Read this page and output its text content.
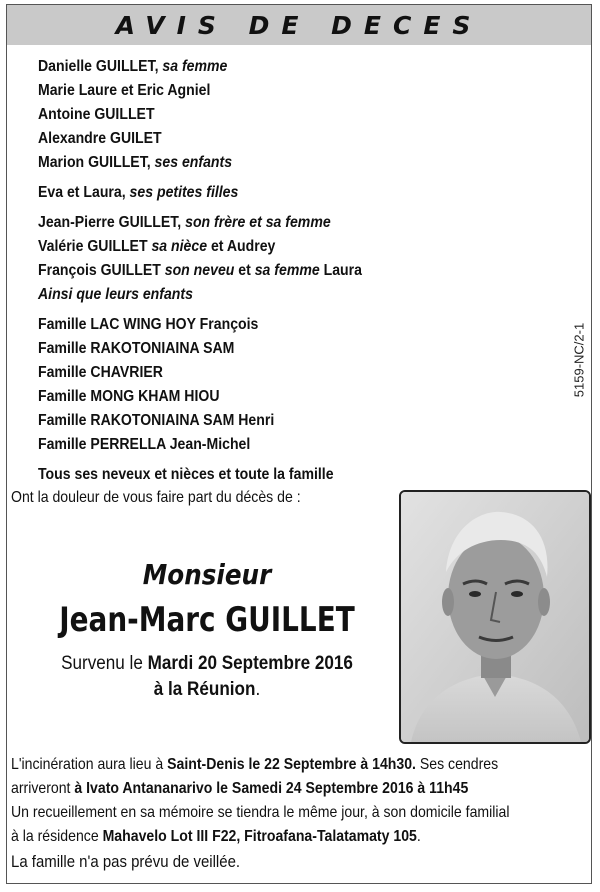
AVIS DE DECES
Danielle GUILLET, sa femme
Marie Laure et Eric Agniel
Antoine GUILLET
Alexandre GUILET
Marion GUILLET, ses enfants
Eva et Laura, ses petites filles
Jean-Pierre GUILLET, son frère et sa femme
Valérie GUILLET sa nièce et Audrey
François GUILLET son neveu et sa femme Laura
Ainsi que leurs enfants
Famille LAC WING HOY François
Famille RAKOTONIAINA SAM
Famille CHAVRIER
Famille MONG KHAM HIOU
Famille RAKOTONIAINA SAM Henri
Famille PERRELLA Jean-Michel
Tous ses neveux et nièces et toute la famille
5159-NC/2-1
Ont la douleur de vous faire part du décès de :
Monsieur
Jean-Marc GUILLET
Survenu le Mardi 20 Septembre 2016
à la Réunion.
L'incinération aura lieu à Saint-Denis le 22 Septembre à 14h30. Ses cendres
arriveront à Ivato Antananarivo le Samedi 24 Septembre 2016 à 11h45
Un recueillement en sa mémoire se tiendra le même jour, à son domicile familial
à la résidence Mahavelo Lot III F22, Fitroafana-Talatamaty 105.
La famille n'a pas prévu de veillée.
